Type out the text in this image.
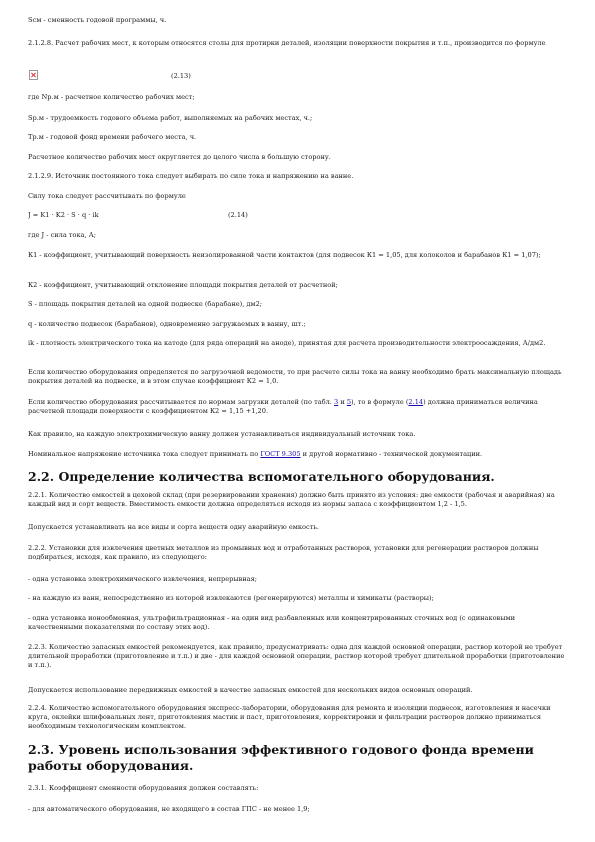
Sсм - сменность годовой программы, ч.
2.1.2.8. Расчет рабочих мест, к которым относятся столы для протирки деталей, изоляции поверхности покрытия и т.п., производится по формуле
(2.13)
где Nр.м - расчетное количество рабочих мест;
Sр.м - трудоемкость годового объема работ, выполняемых на рабочих местах, ч.;
Тр.м - годовой фонд времени рабочего места, ч.
Расчетное количество рабочих мест округляется до целого числа в большую сторону.
2.1.2.9. Источник постоянного тока следует выбирать по силе тока и напряжению на ванне.
Силу тока следует рассчитывать по формуле
J = K1 · K2 · S · q · ik	(2.14)
где J - сила тока, А;
К1 - коэффициент, учитывающий поверхность неизолированной части контактов (для подвесок К1 = 1,05, для колоколов и барабанов К1 = 1,07);
К2 - коэффициент, учитывающий отклонение площади покрытия деталей от расчетной;
S - площадь покрытия деталей на одной подвеске (барабане), дм2;
q - количество подвесок (барабанов), одновременно загружаемых в ванну, шт.;
ik - плотность электрического тока на катоде (для ряда операций на аноде), принятая для расчета производительности электроосаждения, А/дм2.
Если количество оборудования определяется по загрузочной ведомости, то при расчете силы тока на ванну необходимо брать максимальную площадь покрытия деталей на подвеске, и в этом случае коэффициент К2 = 1,0.
Если количество оборудования рассчитывается по нормам загрузки деталей (по табл. 3 и 5), то в формуле (2.14) должна приниматься величина расчетной площади поверхности с коэффициентом К2 = 1,15 +1,20.
Как правило, на каждую электрохимическую ванну должен устанавливаться индивидуальный источник тока.
Номинальное напряжение источника тока следует принимать по ГОСТ 9.305 и другой нормативно - технической документации.
2.2. Определение количества вспомогательного оборудования.
2.2.1. Количество емкостей в цеховой склад (при резервировании хранения) должно быть принято из условия: две емкости (рабочая и аварийная) на каждый вид и сорт веществ. Вместимость емкости должна определяться исходя из нормы запаса с коэффициентом 1,2 - 1,5.
Допускается устанавливать на все виды и сорта веществ одну аварийную емкость.
2.2.2. Установки для извлечения цветных металлов из промывных вод и отработанных растворов, установки для регенерации растворов должны подбираться, исходя, как правило, из следующего:
- одна установка электрохимического извлечения, непрерывная;
- на каждую из ванн, непосредственно из которой извлекаются (регенерируются) металлы и химикаты (растворы);
- одна установка ионообменная, ультрафильтрационная - на один вид разбавленных или концентрированных сточных вод (с одинаковыми качественными показателями по составу этих вод).
2.2.3. Количество запасных емкостей рекомендуется, как правило, предусматривать: одна для каждой основной операции, раствор которой не требует длительной проработки (приготовление и т.п.) и две - для каждой основной операции, раствор которой требует длительной проработки (приготовление и т.п.).
Допускается использование передвижных емкостей в качестве запасных емкостей для нескольких видов основных операций.
2.2.4. Количество вспомогательного оборудования экспресс-лаборатории, оборудования для ремонта и изоляции подвесок, изготовления и насечки круга, оклейки шлифовальных лент, приготовления мастик и паст, приготовления, корректировки и фильтрации растворов должно приниматься необходимым технологическим комплектом.
2.3. Уровень использования эффективного годового фонда времени работы оборудования.
2.3.1. Коэффициент сменности оборудования должен составлять:
- для автоматического оборудования, не входящего в состав ГПС - не менее 1,9;
